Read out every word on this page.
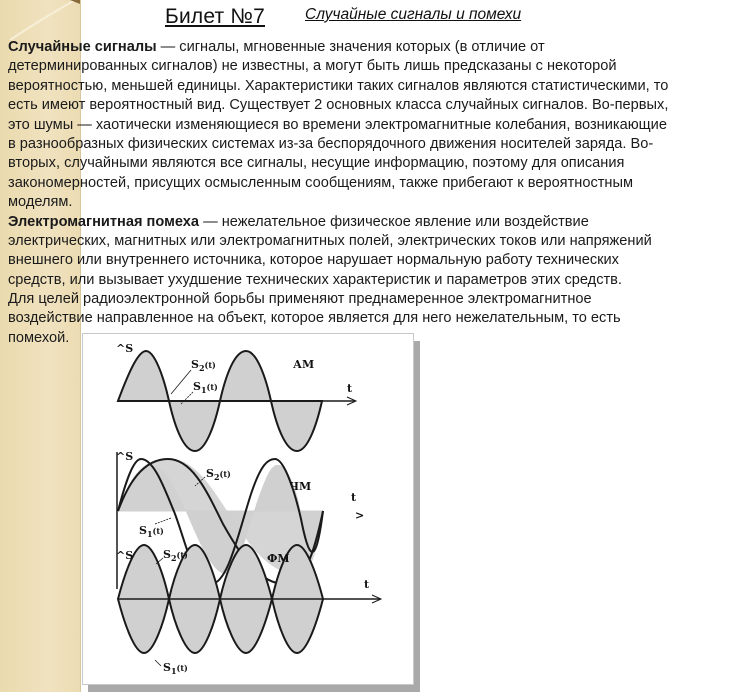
Билет №7	Случайные сигналы и помехи
Случайные сигналы — сигналы, мгновенные значения которых (в отличие от
детерминированных сигналов) не известны, а могут быть лишь предсказаны с некоторой
вероятностью, меньшей единицы. Характеристики таких сигналов являются статистическими, то
есть имеют вероятностный вид. Существует 2 основных класса случайных сигналов. Во-первых,
это шумы — хаотически изменяющиеся во времени электромагнитные колебания, возникающие
в разнообразных физических системах из-за беспорядочного движения носителей заряда. Во-
вторых, случайными являются все сигналы, несущие информацию, поэтому для описания
закономерностей, присущих осмысленным сообщениям, также прибегают к вероятностным
моделям.
Электромагнитная помеха — нежелательное физическое явление или воздействие
электрических, магнитных или электромагнитных полей, электрических токов или напряжений
внешнего или внутреннего источника, которое нарушает нормальную работу технических
средств, или вызывает ухудшение технических характеристик и параметров этих средств.
Для целей радиоэлектронной борьбы применяют преднамеренное электромагнитное
воздействие направленное на объект, которое является для него нежелательным, то есть
помехой.
^S
t
АМ
$S_2^{(t)}$
$S_1^{(t)}$
^S
t
>
ЧМ
$S_2^{(t)}$
$S_1^{(t)}$
^S
t
ФМ
$S_2^{(t)}$
$S_1^{(t)}$
